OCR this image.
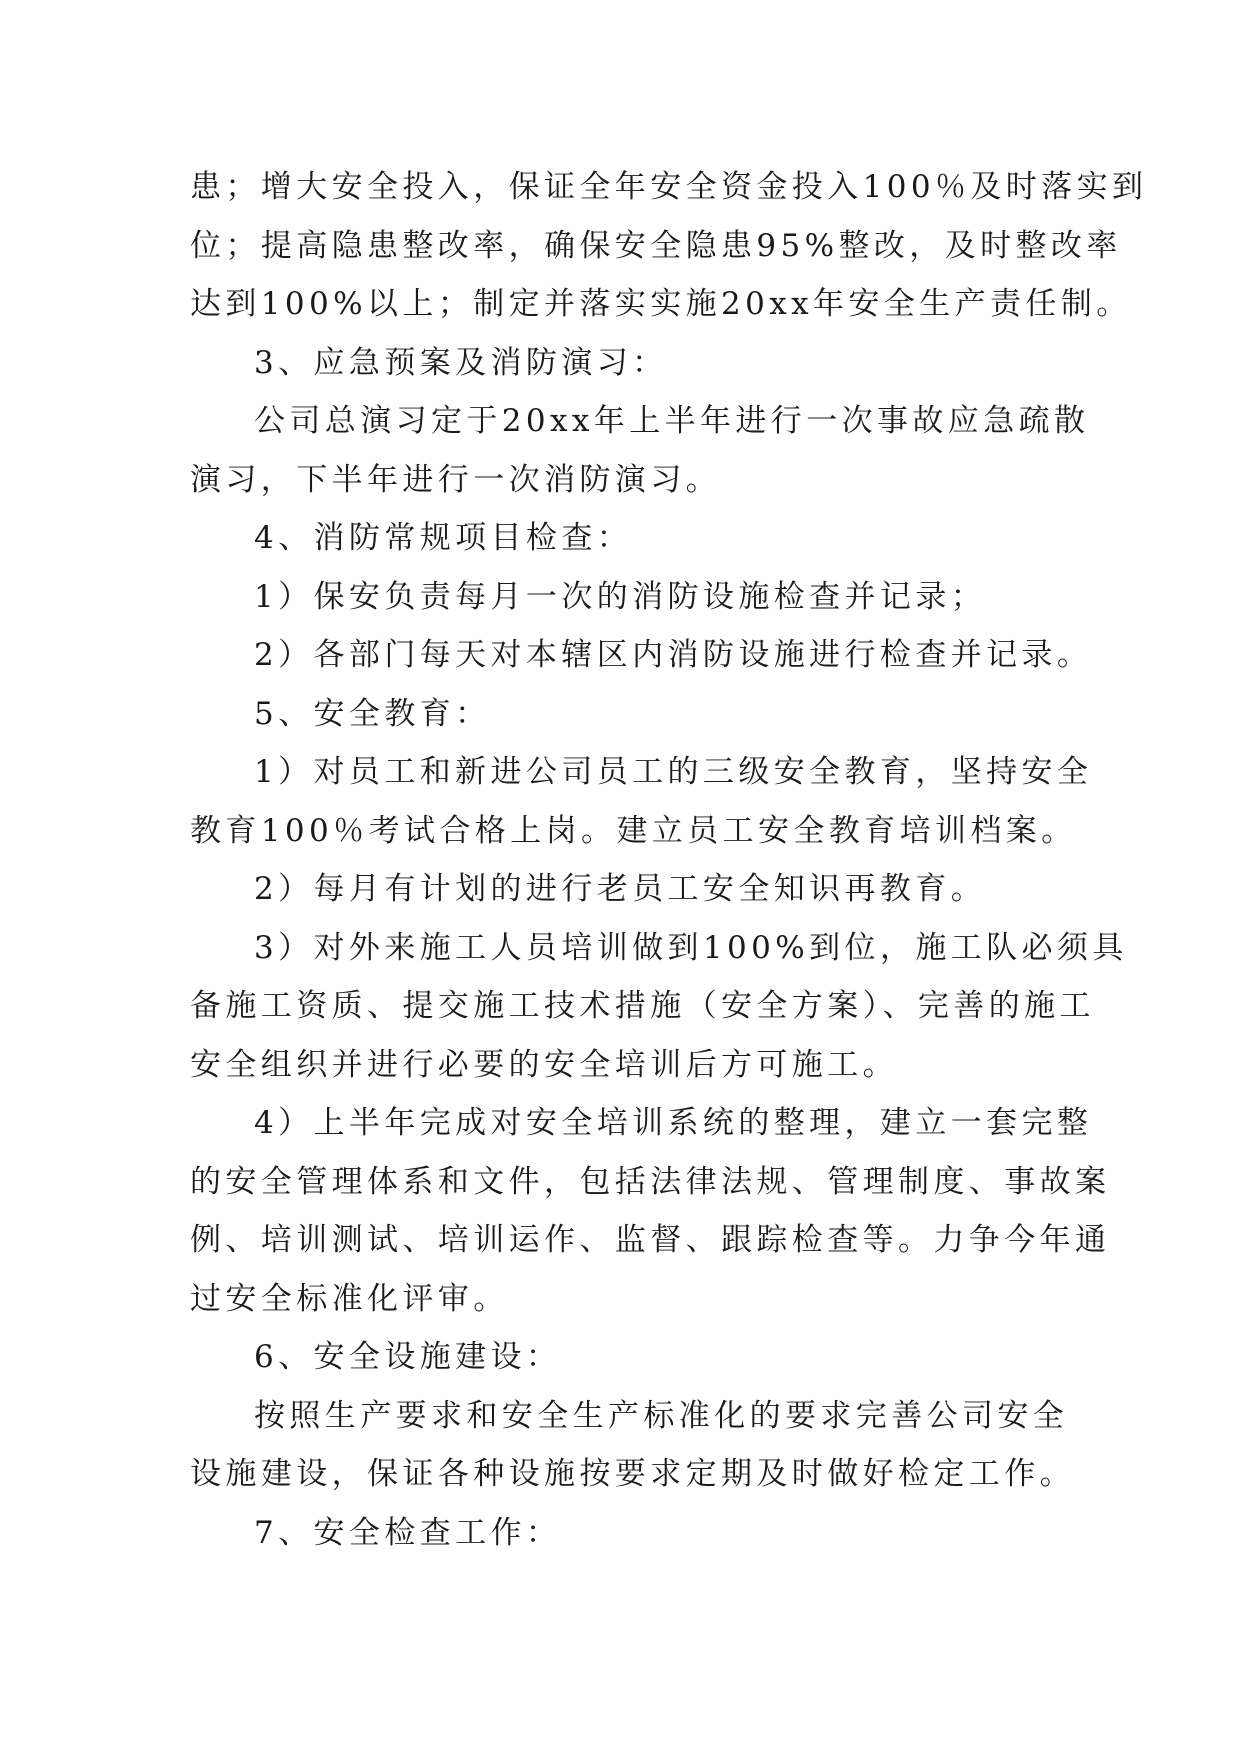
患；增大安全投入，保证全年安全资金投入100％及时落实到
位；提高隐患整改率，确保安全隐患95%整改，及时整改率
达到100%以上；制定并落实实施20xx年安全生产责任制。
3、应急预案及消防演习：
公司总演习定于20xx年上半年进行一次事故应急疏散
演习，下半年进行一次消防演习。
4、消防常规项目检查：
1）保安负责每月一次的消防设施检查并记录；
2）各部门每天对本辖区内消防设施进行检查并记录。
5、安全教育：
1）对员工和新进公司员工的三级安全教育，坚持安全
教育100％考试合格上岗。建立员工安全教育培训档案。
2）每月有计划的进行老员工安全知识再教育。
3）对外来施工人员培训做到100%到位，施工队必须具
备施工资质、提交施工技术措施（安全方案）、完善的施工
安全组织并进行必要的安全培训后方可施工。
4）上半年完成对安全培训系统的整理，建立一套完整
的安全管理体系和文件，包括法律法规、管理制度、事故案
例、培训测试、培训运作、监督、跟踪检查等。力争今年通
过安全标准化评审。
6、安全设施建设：
按照生产要求和安全生产标准化的要求完善公司安全
设施建设，保证各种设施按要求定期及时做好检定工作。
7、安全检查工作：
